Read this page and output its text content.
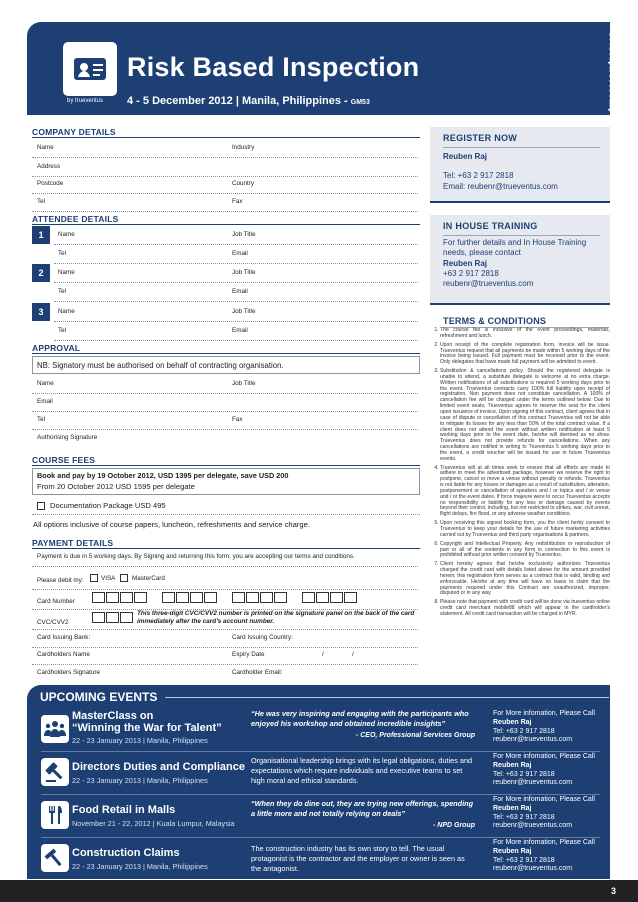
by trueventus
Risk Based Inspection
4 - 5 December 2012 | Manila, Philippines - GM53	trueventusUS
COMPANY DETAILS
Name	Industry
Address
Postcode	Country
Tel	Fax
ATTENDEE DETAILS
1	Name	Job Title
Tel	Email
2	Name	Job Title
Tel	Email
3	Name	Job Title
Tel	Email
APPROVAL
NB: Signatory must be authorised on behalf of contracting organisation.
Name	Job Title
Email
Tel	Fax
Authorising Signature
COURSE FEES
Book and pay by 19 October 2012, USD 1395 per delegate, save USD 200
From 20 October 2012 USD 1595 per delegate
Documentation Package USD 495
All options inclusive of course papers, luncheon, refreshments and service charge.
PAYMENT DETAILS
Payment is due in 5 working days. By Signing and returning this form, you are accepting our terms and conditions.
Please debit my:	VISA	MasterCard
Card Number
CVC/CVV2
This three-digit CVC/CVV2 number is printed on the signature panel on the back of the card immediately after the card's account number.
Card Issuing Bank:	Card Issuing Country:
Cardholders Name	Expiry Date	/	/
Cardholders Signature	Cardholder Email:
REGISTER NOW
Reuben Raj
Tel: +63 2 917 2818
Email: reubenr@trueventus.com
IN HOUSE TRAINING
For further details and In House Training needs, please contact
Reuben Raj
+63 2 917 2818
reubenr@trueventus.com
TERMS & CONDITIONS
1. The course fee is inclusive of the event proceedings, materials, refreshment and lunch.
2. Upon receipt of the complete registration form, invoice will be issue. Trueventus request that all payments be made within 5 working days of the invoice being issued. Full payment must be received prior to the event. Only delegates that have made full payment will be admitted to event.
3. Substitution & cancellations policy. Should the registered delegate is unable to attend, a substitute delegate is welcome at no extra charge. Written notifications of all substitutions is required 5 working days prior to the event. Trueventus contracts carry 100% full liability upon receipt of registration. Non payment does not constitute cancellation. A 100% of cancellation fee will be charged under the terms outlined below. Due to limited event seats, Trueventus agrees to reserve the seat for the client upon issuance of invoice. Upon signing of this contract, client agrees that in case of dispute or cancellation of this contract Trueventus will not be able to mitigate its losses for any less than 50% of the total contract value. If a client does not attend the event without written notification at least 5 working days prior to the event date, he/she will deemed as no show. Trueventus does not provide refunds for cancellations. When any cancellations are notified in writing to Trueventus 5 working days prior to the event, a credit voucher will be issued for use in future Trueventus events.
4. Trueventus will at all times seek to ensure that all efforts are made to adhere to meet the advertised package, however we reserve the right to postpone, cancel or move a venue without penalty or refunds. Trueventus is not liable for any losses or damages as a result of substitution, alteration, postponement or cancellation of speakers and / or topics and / or venue and / or the event dates. If force majeure were to occur Trueventus accepts no responsibility or liability for any loss or damage caused by events beyond their control, including, but not restricted to strikes, war, civil unrest, flight delays, fire flood, or any adverse weather conditions.
5. Upon receiving this signed booking form, you the client herby consent to Trueventus to keep your details for the use of future marketing activities carried out by Trueventus and third party organisations & partners.
6. Copyright and Intellectual Property. Any redistribution or reproduction of part or all of the contents in any form in connection to this event is prohibited without prior written consent by Trueventus.
7. Client hereby agrees that he/she exclusively authorizes Trueventus charged the credit card with details listed above for the amount provided herein; this registration form serves as a contract that is valid, binding and enforceable. He/she at any time will have no basis to claim that the payments required under this Contract are unauthorized, improper, disputed or in any way.
8. Please note that payment with credit card will be done via trueventus online credit card merchant mobile88 which will appear in the cardholder's statement. All credit card transaction will be charged in MYR.
UPCOMING EVENTS
MasterClass on
“Winning the War for Talent”
22 - 23 January 2013 | Manila, Philippines
“He was very inspiring and engaging with the participants who enjoyed his workshop and obtained incredible insights”
- CEO, Professional Services Group
For More infomation, Please Call
Reuben Raj
Tel: +63 2 917 2818
reubenr@trueventus.com
Directors Duties and Compliance
22 - 23 January 2013 | Manila, Philippines
Organisational leadership brings with its legal obligations, duties and expectations which require individuals and executive teams to set high moral and ethical standards.
For More infomation, Please Call
Reuben Raj
Tel: +63 2 917 2818
reubenr@trueventus.com
Food Retail in Malls
November 21 - 22, 2012 | Kuala Lumpur, Malaysia
“When they do dine out, they are trying new offerings, spending a little more and not totally relying on deals”
- NPD Group
For More infomation, Please Call
Reuben Raj
Tel: +63 2 917 2818
reubenr@trueventus.com
Construction Claims
22 - 23 January 2013 | Manila, Philippines
The construction industry has its own story to tell. The usual protagonist is the contractor and the employer or owner is seen as the antagonist.
For More infomation, Please Call
Reuben Raj
Tel: +63 2 917 2818
reubenr@trueventus.com
3
